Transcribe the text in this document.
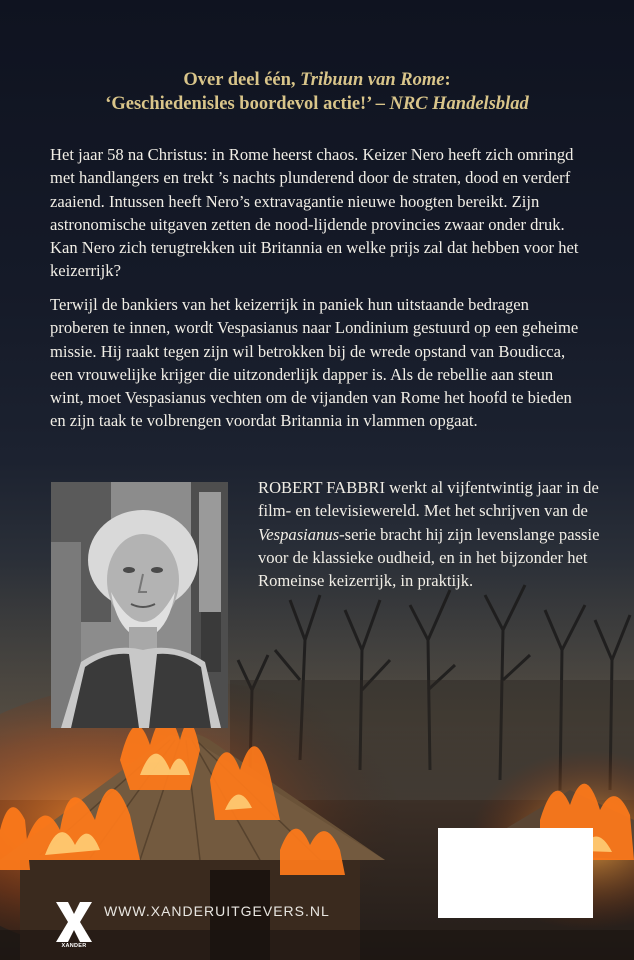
Over deel één, Tribuun van Rome:
‘Geschiedenisles boordevol actie!’ – NRC Handelsblad

Het jaar 58 na Christus: in Rome heerst chaos. Keizer Nero heeft zich omringd met handlangers en trekt ’s nachts plunderend door de straten, dood en verderf zaaiend. Intussen heeft Nero’s extravagantie nieuwe hoogten bereikt. Zijn astronomische uitgaven zetten de nood-lijdende provincies zwaar onder druk. Kan Nero zich terugtrekken uit Britannia en welke prijs zal dat hebben voor het keizerrijk?

Terwijl de bankiers van het keizerrijk in paniek hun uitstaande bedragen proberen te innen, wordt Vespasianus naar Londinium gestuurd op een geheime missie. Hij raakt tegen zijn wil betrokken bij de wrede opstand van Boudicca, een vrouwelijke krijger die uitzonderlijk dapper is. Als de rebellie aan steun wint, moet Vespasianus vechten om de vijanden van Rome het hoofd te bieden en zijn taak te volbrengen voordat Britannia in vlammen opgaat.

ROBERT FABBRI werkt al vijfentwintig jaar in de film- en televisiewereld. Met het schrijven van de Vespasianus-serie bracht hij zijn levenslange passie voor de klassieke oudheid, en in het bijzonder het Romeinse keizerrijk, in praktijk.

XANDER
WWW.XANDERUITGEVERS.NL
